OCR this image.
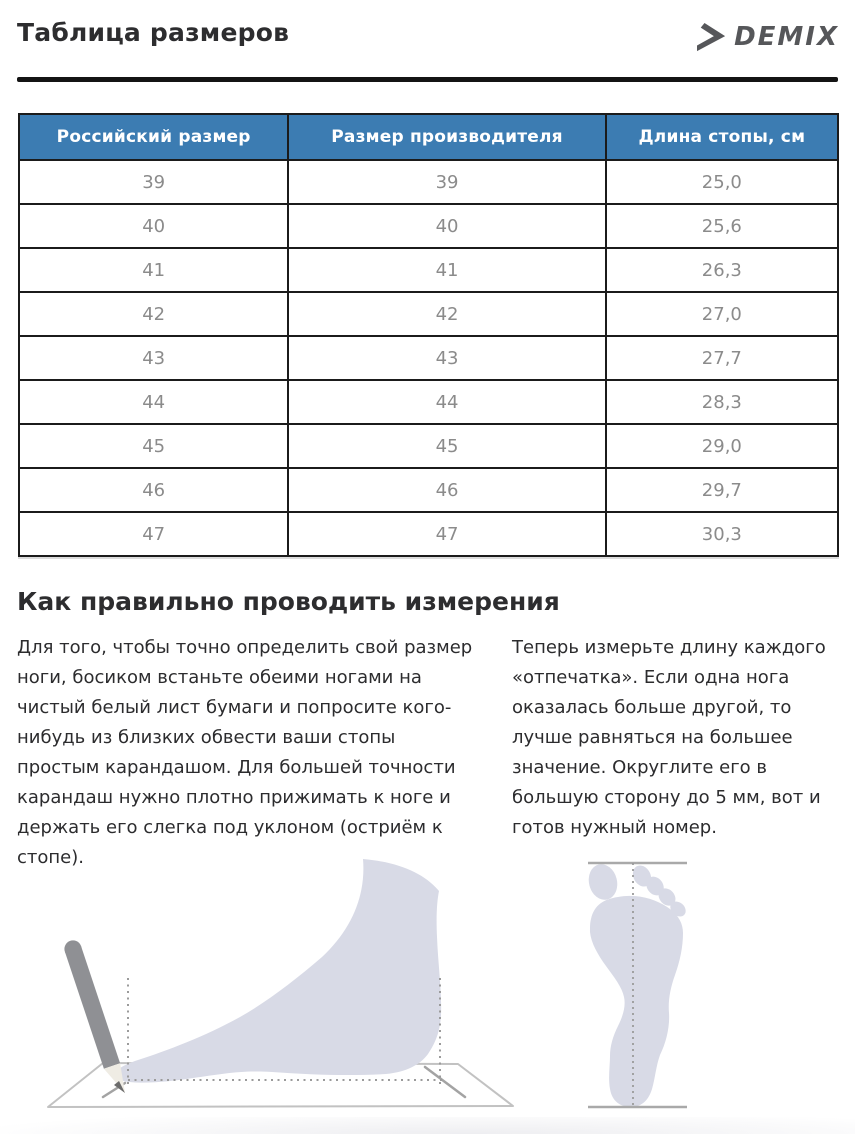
Таблица размеров	DEMIX
Российский размер	Размер производителя	Длина стопы, см
39	39	25,0
40	40	25,6
41	41	26,3
42	42	27,0
43	43	27,7
44	44	28,3
45	45	29,0
46	46	29,7
47	47	30,3
Как правильно проводить измерения

Для того, чтобы точно определить свой размер ноги, босиком встаньте обеими ногами на чистый белый лист бумаги и попросите кого-нибудь из близких обвести ваши стопы простым карандашом. Для большей точности карандаш нужно плотно прижимать к ноге и держать его слегка под уклоном (остриём к стопе).

Теперь измерьте длину каждого «отпечатка». Если одна нога оказалась больше другой, то лучше равняться на большее значение. Округлите его в большую сторону до 5 мм, вот и готов нужный номер.
